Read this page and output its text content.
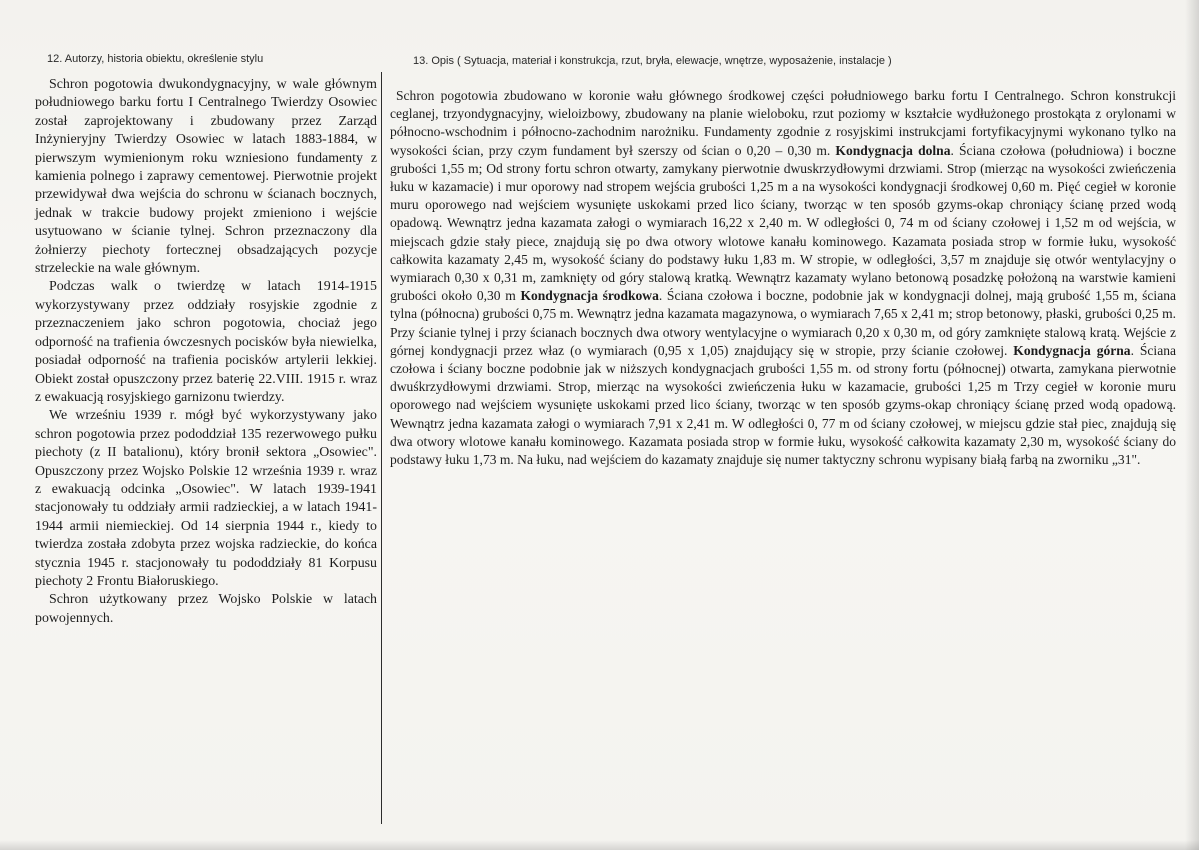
12. Autorzy, historia obiektu, określenie stylu	13. Opis ( Sytuacja, materiał i konstrukcja, rzut, bryła, elewacje, wnętrze, wyposażenie, instalacje )

Schron pogotowia dwukondygnacyjny, w wale głównym południowego barku fortu I Centralnego Twierdzy Osowiec został zaprojektowany i zbudowany przez Zarząd Inżynieryjny Twierdzy Osowiec w latach 1883-1884, w pierwszym wymienionym roku wzniesiono fundamenty z kamienia polnego i zaprawy cementowej. Pierwotnie projekt przewidywał dwa wejścia do schronu w ścianach bocznych, jednak w trakcie budowy projekt zmieniono i wejście usytuowano w ścianie tylnej. Schron przeznaczony dla żołnierzy piechoty fortecznej obsadzających pozycje strzeleckie na wale głównym.

Podczas walk o twierdzę w latach 1914-1915 wykorzystywany przez oddziały rosyjskie zgodnie z przeznaczeniem jako schron pogotowia, chociaż jego odporność na trafienia ówczesnych pocisków była niewielka, posiadał odporność na trafienia pocisków artylerii lekkiej. Obiekt został opuszczony przez baterię 22.VIII. 1915 r. wraz z ewakuacją rosyjskiego garnizonu twierdzy.

We wrześniu 1939 r. mógł być wykorzystywany jako schron pogotowia przez pododdział 135 rezerwowego pułku piechoty (z II batalionu), który bronił sektora „Osowiec". Opuszczony przez Wojsko Polskie 12 września 1939 r. wraz z ewakuacją odcinka „Osowiec". W latach 1939-1941 stacjonowały tu oddziały armii radzieckiej, a w latach 1941-1944 armii niemieckiej. Od 14 sierpnia 1944 r., kiedy to twierdza została zdobyta przez wojska radzieckie, do końca stycznia 1945 r. stacjonowały tu pododdziały 81 Korpusu piechoty 2 Frontu Białoruskiego.

Schron użytkowany przez Wojsko Polskie w latach powojennych.

Schron pogotowia zbudowano w koronie wału głównego środkowej części południowego barku fortu I Centralnego. Schron konstrukcji ceglanej, trzyondygnacyjny, wieloizbowy, zbudowany na planie wieloboku, rzut poziomy w kształcie wydłużonego prostokąta z orylonami w północno-wschodnim i północno-zachodnim narożniku. Fundamenty zgodnie z rosyjskimi instrukcjami fortyfikacyjnymi wykonano tylko na wysokości ścian, przy czym fundament był szerszy od ścian o 0,20 – 0,30 m. Kondygnacja dolna. Ściana czołowa (południowa) i boczne grubości 1,55 m; Od strony fortu schron otwarty, zamykany pierwotnie dwuskrzydłowymi drzwiami. Strop (mierząc na wysokości zwieńczenia łuku w kazamacie) i mur oporowy nad stropem wejścia grubości 1,25 m a na wysokości kondygnacji środkowej 0,60 m. Pięć cegieł w koronie muru oporowego nad wejściem wysunięte uskokami przed lico ściany, tworząc w ten sposób gzyms-okap chroniący ścianę przed wodą opadową. Wewnątrz jedna kazamata załogi o wymiarach 16,22 x 2,40 m. W odległości 0, 74 m od ściany czołowej i 1,52 m od wejścia, w miejscach gdzie stały piece, znajdują się po dwa otwory wlotowe kanału kominowego. Kazamata posiada strop w formie łuku, wysokość całkowita kazamaty 2,45 m, wysokość ściany do podstawy łuku 1,83 m. W stropie, w odległości, 3,57 m znajduje się otwór wentylacyjny o wymiarach 0,30 x 0,31 m, zamknięty od góry stalową kratką. Wewnątrz kazamaty wylano betonową posadzkę położoną na warstwie kamieni grubości około 0,30 m Kondygnacja środkowa. Ściana czołowa i boczne, podobnie jak w kondygnacji dolnej, mają grubość 1,55 m, ściana tylna (północna) grubości 0,75 m. Wewnątrz jedna kazamata magazynowa, o wymiarach 7,65 x 2,41 m; strop betonowy, płaski, grubości 0,25 m. Przy ścianie tylnej i przy ścianach bocznych dwa otwory wentylacyjne o wymiarach 0,20 x 0,30 m, od góry zamknięte stalową kratą. Wejście z górnej kondygnacji przez właz (o wymiarach (0,95 x 1,05) znajdujący się w stropie, przy ścianie czołowej. Kondygnacja górna. Ściana czołowa i ściany boczne podobnie jak w niższych kondygnacjach grubości 1,55 m. od strony fortu (północnej) otwarta, zamykana pierwotnie dwuśkrzydłowymi drzwiami. Strop, mierząc na wysokości zwieńczenia łuku w kazamacie, grubości 1,25 m Trzy cegieł w koronie muru oporowego nad wejściem wysunięte uskokami przed lico ściany, tworząc w ten sposób gzyms-okap chroniący ścianę przed wodą opadową. Wewnątrz jedna kazamata załogi o wymiarach 7,91 x 2,41 m. W odległości 0, 77 m od ściany czołowej, w miejscu gdzie stał piec, znajdują się dwa otwory wlotowe kanału kominowego. Kazamata posiada strop w formie łuku, wysokość całkowita kazamaty 2,30 m, wysokość ściany do podstawy łuku 1,73 m. Na łuku, nad wejściem do kazamaty znajduje się numer taktyczny schronu wypisany białą farbą na zworniku „31".
